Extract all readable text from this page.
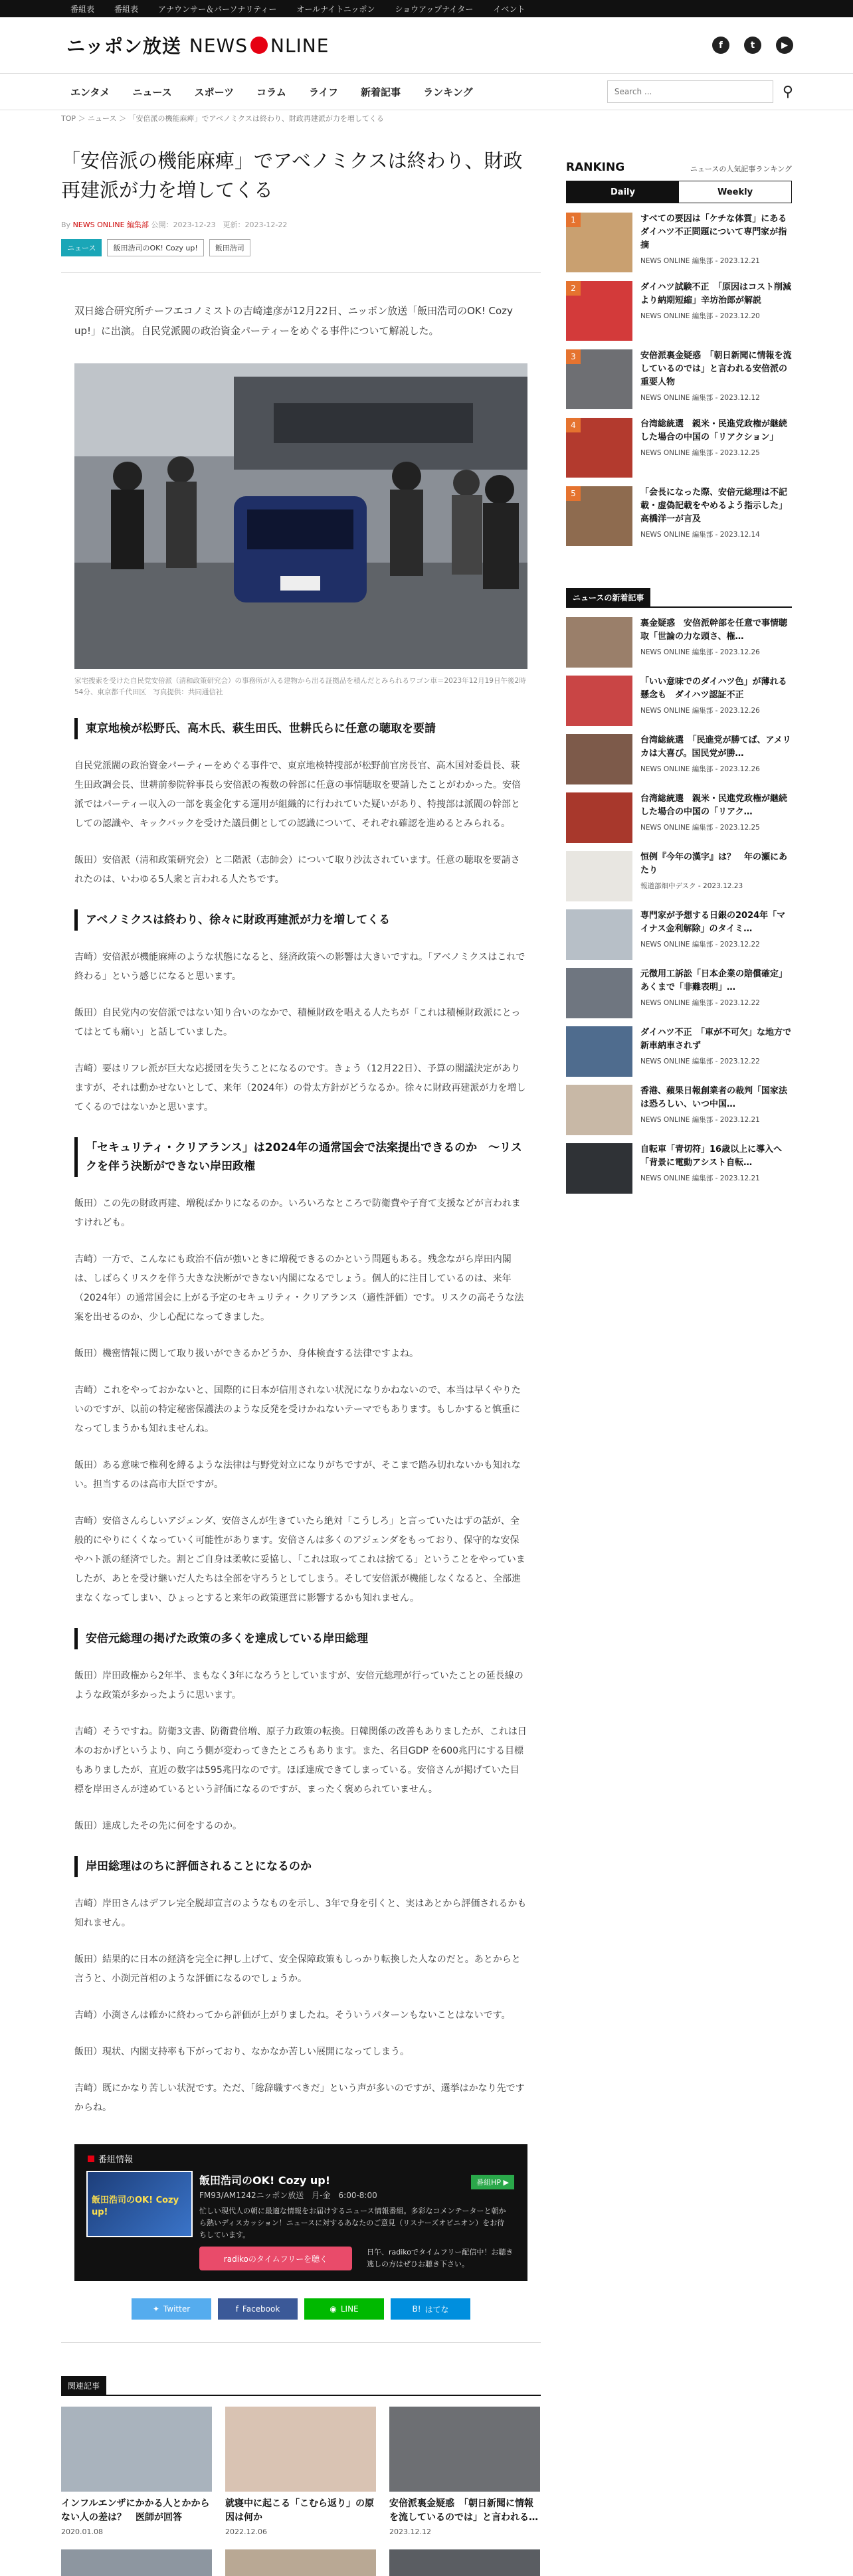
番組表	番組表	アナウンサー＆パーソナリティー	オールナイトニッポン	ショウアップナイター	イベント
ニッポン放送 NEWS NLINE	f	t	▶
エンタメ ニュース スポーツ コラム ライフ 新着記事 ランキング
Search ...	⚲
TOP ＞ ニュース ＞ 「安倍派の機能麻痺」でアベノミクスは終わり、財政再建派が力を増してくる
「安倍派の機能麻痺」でアベノミクスは終わり、財政再建派が力を増してくる
By NEWS ONLINE 編集部 公開：2023-12-23　更新：2023-12-22
ニュース	飯田浩司のOK! Cozy up!	飯田浩司

双日総合研究所チーフエコノミストの吉崎達彦が12月22日、ニッポン放送「飯田浩司のOK! Cozy up!」に出演。自民党派閥の政治資金パーティーをめぐる事件について解説した。

家宅捜索を受けた自民党安倍派（清和政策研究会）の事務所が入る建物から出る証拠品を積んだとみられるワゴン車＝2023年12月19日午後2時54分、東京都千代田区　写真提供：共同通信社

東京地検が松野氏、高木氏、萩生田氏、世耕氏らに任意の聴取を要請

自民党派閥の政治資金パーティーをめぐる事件で、東京地検特捜部が松野前官房長官、高木国対委員長、萩生田政調会長、世耕前参院幹事長ら安倍派の複数の幹部に任意の事情聴取を要請したことがわかった。安倍派ではパーティー収入の一部を裏金化する運用が組織的に行われていた疑いがあり、特捜部は派閥の幹部としての認識や、キックバックを受けた議員側としての認識について、それぞれ確認を進めるとみられる。

飯田）安倍派（清和政策研究会）と二階派（志帥会）について取り沙汰されています。任意の聴取を要請されたのは、いわゆる5人衆と言われる人たちです。

アベノミクスは終わり、徐々に財政再建派が力を増してくる

吉崎）安倍派が機能麻痺のような状態になると、経済政策への影響は大きいですね。「アベノミクスはこれで終わる」という感じになると思います。

飯田）自民党内の安倍派ではない知り合いのなかで、積極財政を唱える人たちが「これは積極財政派にとってはとても痛い」と話していました。

吉崎）要はリフレ派が巨大な応援団を失うことになるのです。きょう（12月22日）、予算の閣議決定がありますが、それは動かせないとして、来年（2024年）の骨太方針がどうなるか。徐々に財政再建派が力を増してくるのではないかと思います。

「セキュリティ・クリアランス」は2024年の通常国会で法案提出できるのか　～リスクを伴う決断ができない岸田政権

飯田）この先の財政再建、増税ばかりになるのか。いろいろなところで防衛費や子育て支援などが言われますけれども。

吉崎）一方で、こんなにも政治不信が強いときに増税できるのかという問題もある。残念ながら岸田内閣は、しばらくリスクを伴う大きな決断ができない内閣になるでしょう。個人的に注目しているのは、来年（2024年）の通常国会に上がる予定のセキュリティ・クリアランス（適性評価）です。リスクの高そうな法案を出せるのか、少し心配になってきました。

飯田）機密情報に関して取り扱いができるかどうか、身体検査する法律ですよね。

吉崎）これをやっておかないと、国際的に日本が信用されない状況になりかねないので、本当は早くやりたいのですが、以前の特定秘密保護法のような反発を受けかねないテーマでもあります。もしかすると慎重になってしまうかも知れませんね。

飯田）ある意味で権利を縛るような法律は与野党対立になりがちですが、そこまで踏み切れないかも知れない。担当するのは高市大臣ですが。

吉崎）安倍さんらしいアジェンダ、安倍さんが生きていたら絶対「こうしろ」と言っていたはずの話が、全般的にやりにくくなっていく可能性があります。安倍さんは多くのアジェンダをもっており、保守的な安保やハト派の経済でした。割とご自身は柔軟に妥協し、「これは取ってこれは捨てる」ということをやっていましたが、あとを受け継いだ人たちは全部を守ろうとしてしまう。そして安倍派が機能しなくなると、全部進まなくなってしまい、ひょっとすると来年の政策運営に影響するかも知れません。

安倍元総理の掲げた政策の多くを達成している岸田総理

飯田）岸田政権から2年半、まもなく3年になろうとしていますが、安倍元総理が行っていたことの延長線のような政策が多かったように思います。

吉崎）そうですね。防衛3文書、防衛費倍増、原子力政策の転換。日韓関係の改善もありましたが、これは日本のおかげというより、向こう側が変わってきたところもあります。また、名目GDP を600兆円にする目標もありましたが、直近の数字は595兆円なのです。ほぼ達成できてしまっている。安倍さんが掲げていた目標を岸田さんが達めているという評価になるのですが、まったく褒められていません。

飯田）達成したその先に何をするのか。

岸田総理はのちに評価されることになるのか

吉崎）岸田さんはデフレ完全脱却宣言のようなものを示し、3年で身を引くと、実はあとから評価されるかも知れません。

飯田）結果的に日本の経済を完全に押し上げて、安全保障政策もしっかり転換した人なのだと。あとからと言うと、小渕元首相のような評価になるのでしょうか。

吉崎）小渕さんは確かに終わってから評価が上がりましたね。そういうパターンもないことはないです。

飯田）現状、内閣支持率も下がっており、なかなか苦しい展開になってしまう。

吉崎）既にかなり苦しい状況です。ただ、「総辞職すべきだ」という声が多いのですが、選挙はかなり先ですからね。

番組情報
飯田浩司のOK! Cozy up!
飯田浩司のOK! Cozy up!
FM93/AM1242ニッポン放送　月-金　6:00-8:00
番組HP ▶
忙しい現代人の朝に最適な情報をお届けするニュース情報番組。多彩なコメンテーターと朝から熱いディスカッション！ニュースに対するあなたのご意見（リスナーズオピニオン）をお待ちしています。
radikoのタイムフリーを聴く
日午、radikoでタイムフリー配信中！お聴き逃しの方はぜひお聴き下さい。
✦ Twitter	f Facebook	◉ LINE	B! はてな
関連記事
インフルエンザにかかる人とかからない人の差は？　医師が回答
2020.01.08
就寝中に起こる「こむら返り」の原因は何か
2022.12.06
安倍派裏金疑惑　「朝日新聞に情報を流しているのでは」と言われる…
2023.12.12
RANKING	ニュースの人気記事ランキング
Daily	Weekly
1	すべての要因は「ケチな体質」にある　ダイハツ不正問題について専門家が指摘
NEWS ONLINE 編集部 - 2023.12.21
2	ダイハツ試験不正　「原因はコスト削減より納期短縮」辛坊治郎が解説
NEWS ONLINE 編集部 - 2023.12.20
3	安倍派裏金疑惑　「朝日新聞に情報を流しているのでは」と言われる安倍派の重要人物
NEWS ONLINE 編集部 - 2023.12.12
4	台湾総統選　親米・民進党政権が継続した場合の中国の「リアクション」
NEWS ONLINE 編集部 - 2023.12.25
5	「会長になった際、安倍元総理は不記載・虚偽記載をやめるよう指示した」　高橋洋一が言及
NEWS ONLINE 編集部 - 2023.12.14
ニュースの新着記事
裏金疑惑　安倍派幹部を任意で事情聴取「世論の力な頭さ、権…
NEWS ONLINE 編集部 - 2023.12.26
「いい意味でのダイハツ色」が薄れる懸念も　ダイハツ認証不正
NEWS ONLINE 編集部 - 2023.12.26
台湾総統選　「民進党が勝てば、アメリカは大喜び。国民党が勝…
NEWS ONLINE 編集部 - 2023.12.26
台湾総統選　親米・民進党政権が継続した場合の中国の「リアク…
NEWS ONLINE 編集部 - 2023.12.25
恒例『今年の漢字』は？　年の瀬にあたり
報道部畑中デスク - 2023.12.23
専門家が予想する日銀の2024年「マイナス金利解除」のタイミ…
NEWS ONLINE 編集部 - 2023.12.22
元徴用工訴訟「日本企業の賠償確定」　あくまで「非難表明」…
NEWS ONLINE 編集部 - 2023.12.22
ダイハツ不正　「車が不可欠」な地方で新車納車されず
NEWS ONLINE 編集部 - 2023.12.22
香港、蘋果日報創業者の裁判「国家法は恐ろしい、いつ中国…
NEWS ONLINE 編集部 - 2023.12.21
自転車「青切符」16歳以上に導入へ　「背景に電動アシスト自転…
NEWS ONLINE 編集部 - 2023.12.21
